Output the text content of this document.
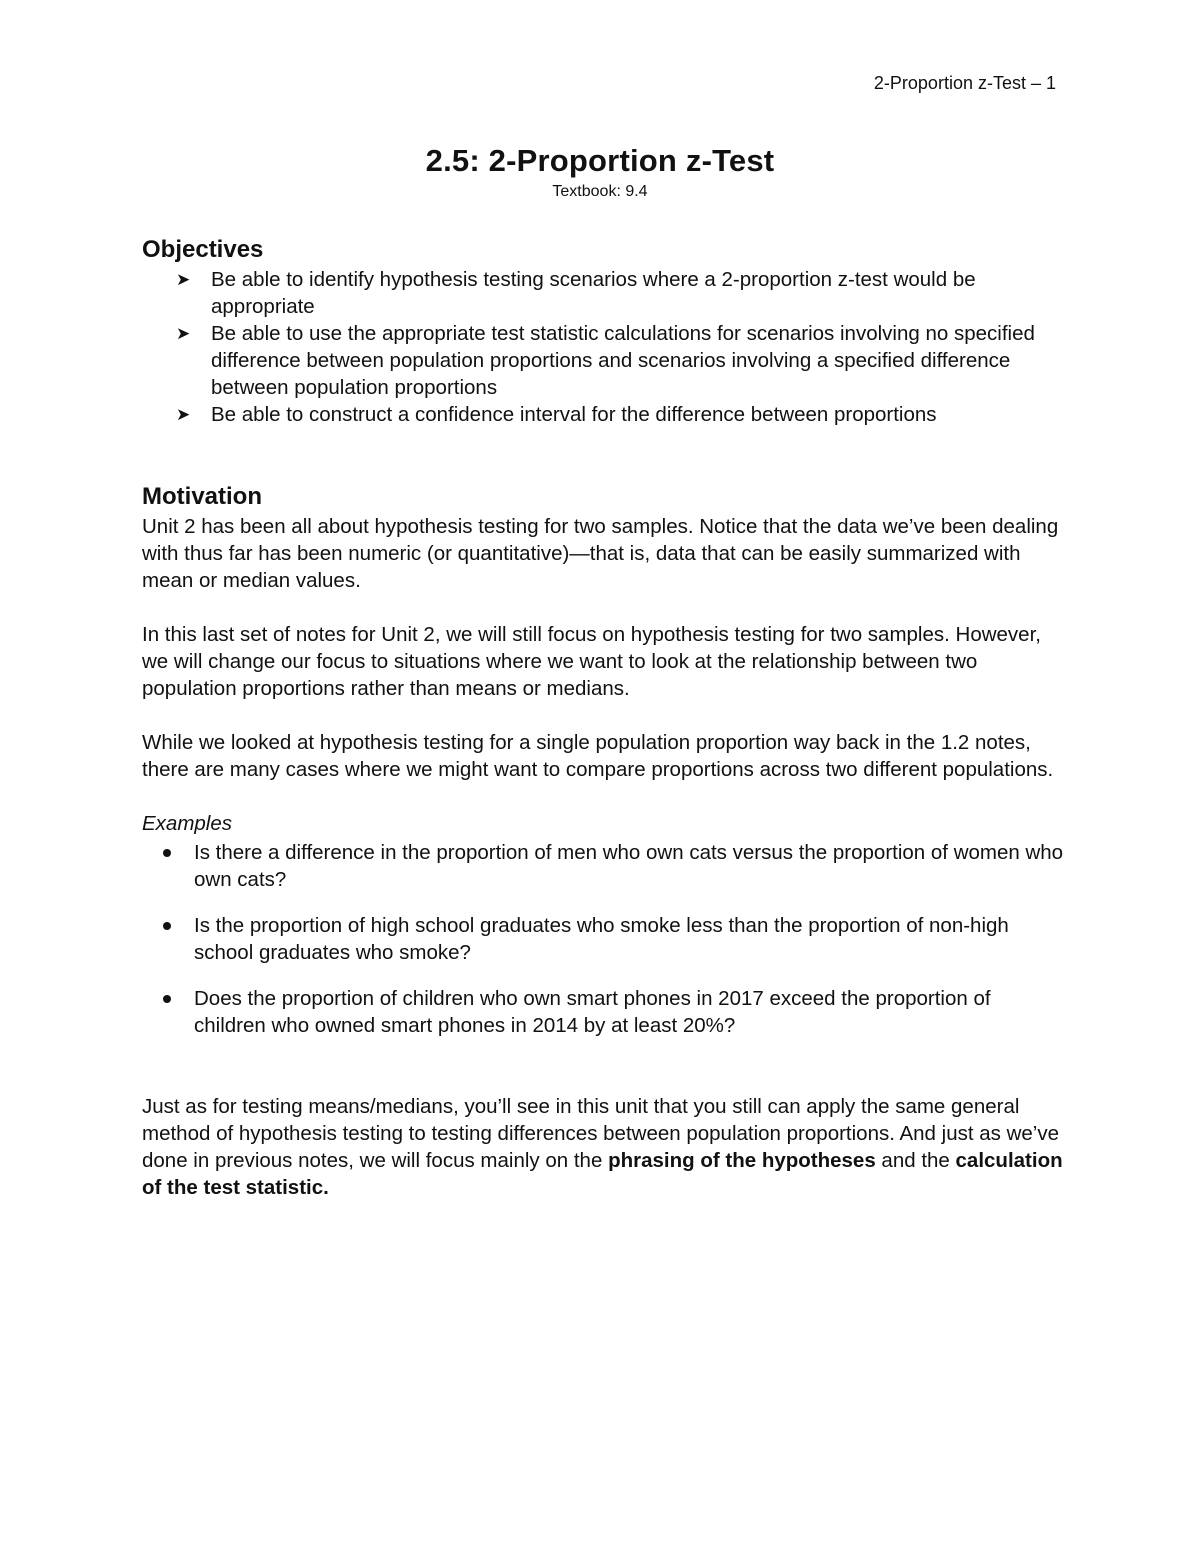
2-Proportion z-Test – 1
2.5: 2-Proportion z-Test
Textbook: 9.4
Objectives
➤ Be able to identify hypothesis testing scenarios where a 2-proportion z-test would be appropriate
➤ Be able to use the appropriate test statistic calculations for scenarios involving no specified difference between population proportions and scenarios involving a specified difference between population proportions
➤ Be able to construct a confidence interval for the difference between proportions
Motivation

Unit 2 has been all about hypothesis testing for two samples. Notice that the data we’ve been dealing with thus far has been numeric (or quantitative)—that is, data that can be easily summarized with mean or median values.

In this last set of notes for Unit 2, we will still focus on hypothesis testing for two samples. However, we will change our focus to situations where we want to look at the relationship between two population proportions rather than means or medians.

While we looked at hypothesis testing for a single population proportion way back in the 1.2 notes, there are many cases where we might want to compare proportions across two different populations.

Examples

Is there a difference in the proportion of men who own cats versus the proportion of women who own cats?
Is the proportion of high school graduates who smoke less than the proportion of non-high school graduates who smoke?
Does the proportion of children who own smart phones in 2017 exceed the proportion of children who owned smart phones in 2014 by at least 20%?

Just as for testing means/medians, you’ll see in this unit that you still can apply the same general method of hypothesis testing to testing differences between population proportions. And just as we’ve done in previous notes, we will focus mainly on the phrasing of the hypotheses and the calculation of the test statistic.
